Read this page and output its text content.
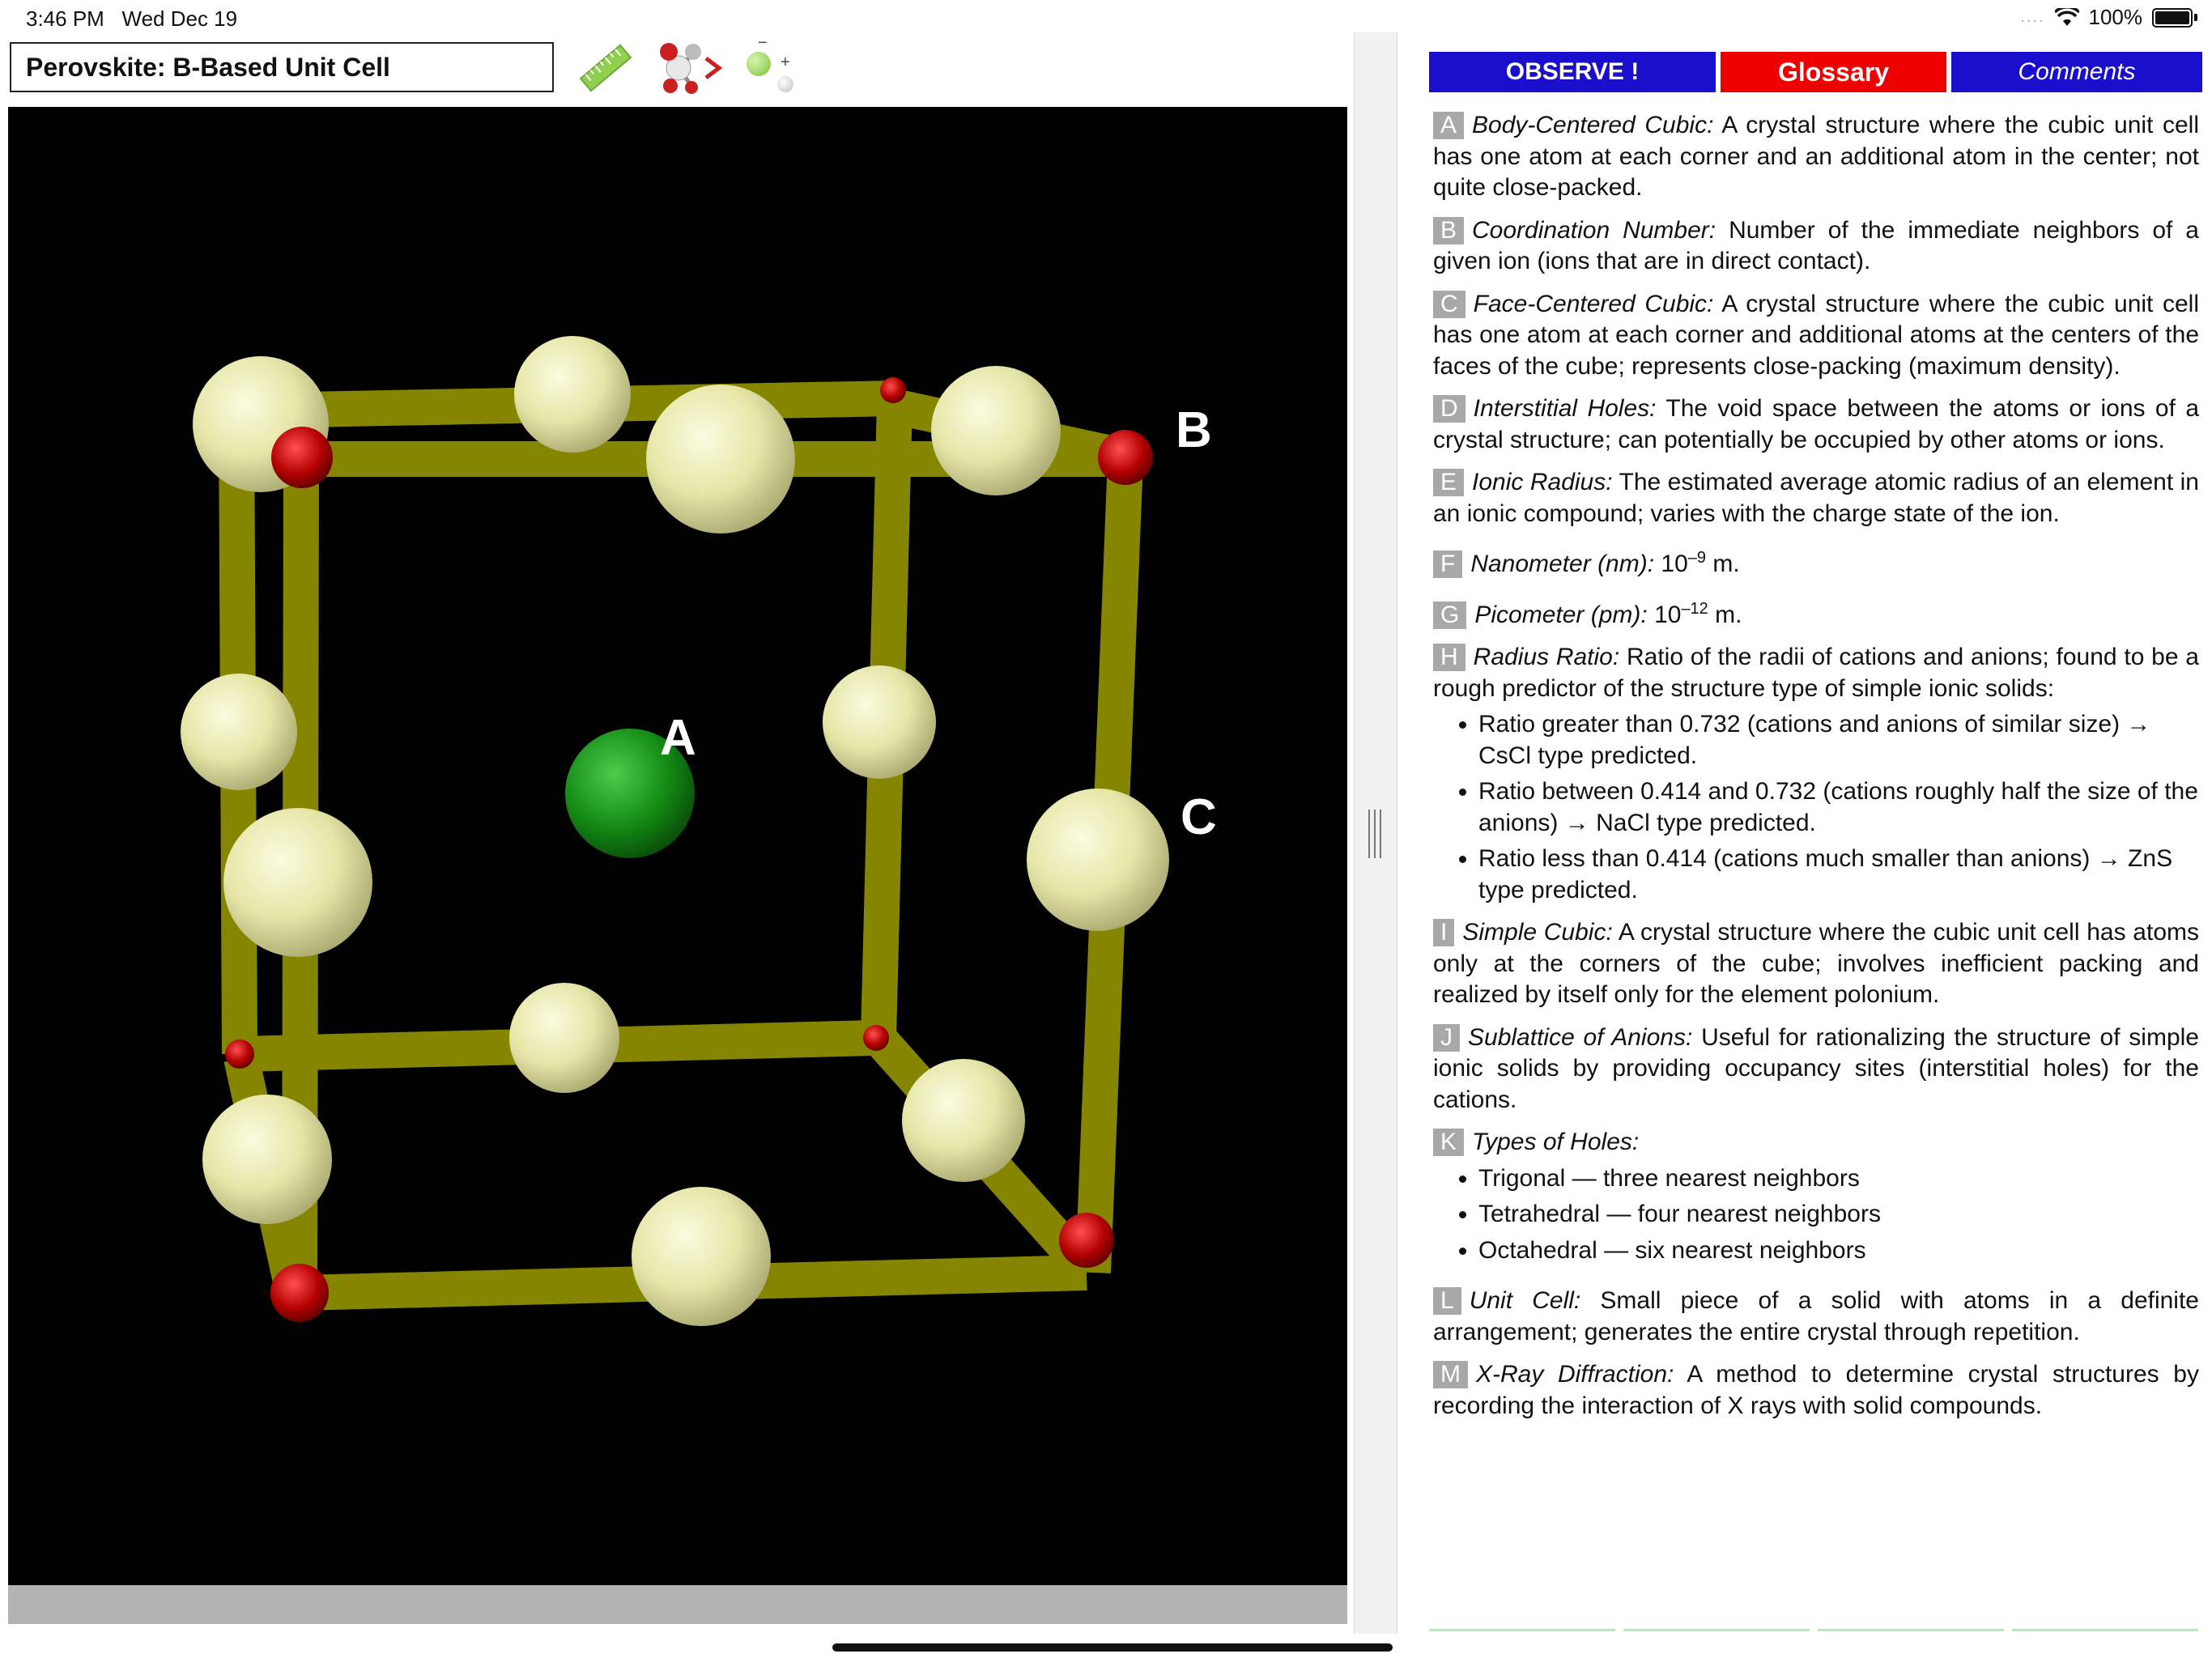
3:46 PM Wed Dec 19	.... 100%
Perovskite: B-Based Unit Cell
−
+
A
B
C
OBSERVE !	Glossary	Comments
A Body-Centered Cubic: A crystal structure where the cubic unit cell has one atom at each corner and an additional atom in the center; not quite close-packed.
B Coordination Number: Number of the immediate neighbors of a given ion (ions that are in direct contact).
C Face-Centered Cubic: A crystal structure where the cubic unit cell has one atom at each corner and additional atoms at the centers of the faces of the cube; represents close-packing (maximum density).
D Interstitial Holes: The void space between the atoms or ions of a crystal structure; can potentially be occupied by other atoms or ions.
E Ionic Radius: The estimated average atomic radius of an element in an ionic compound; varies with the charge state of the ion.
F Nanometer (nm): $10^{-9}$ m.
G Picometer (pm): $10^{-12}$ m.
H Radius Ratio: Ratio of the radii of cations and anions; found to be a rough predictor of the structure type of simple ionic solids:
• Ratio greater than 0.732 (cations and anions of similar size) → CsCl type predicted.
• Ratio between 0.414 and 0.732 (cations roughly half the size of the anions) → NaCl type predicted.
• Ratio less than 0.414 (cations much smaller than anions) → ZnS type predicted.
I Simple Cubic: A crystal structure where the cubic unit cell has atoms only at the corners of the cube; involves inefficient packing and realized by itself only for the element polonium.
J Sublattice of Anions: Useful for rationalizing the structure of simple ionic solids by providing occupancy sites (interstitial holes) for the cations.
K Types of Holes:
• Trigonal — three nearest neighbors
• Tetrahedral — four nearest neighbors
• Octahedral — six nearest neighbors
L Unit Cell: Small piece of a solid with atoms in a definite arrangement; generates the entire crystal through repetition.
M X-Ray Diffraction: A method to determine crystal structures by recording the interaction of X rays with solid compounds.
